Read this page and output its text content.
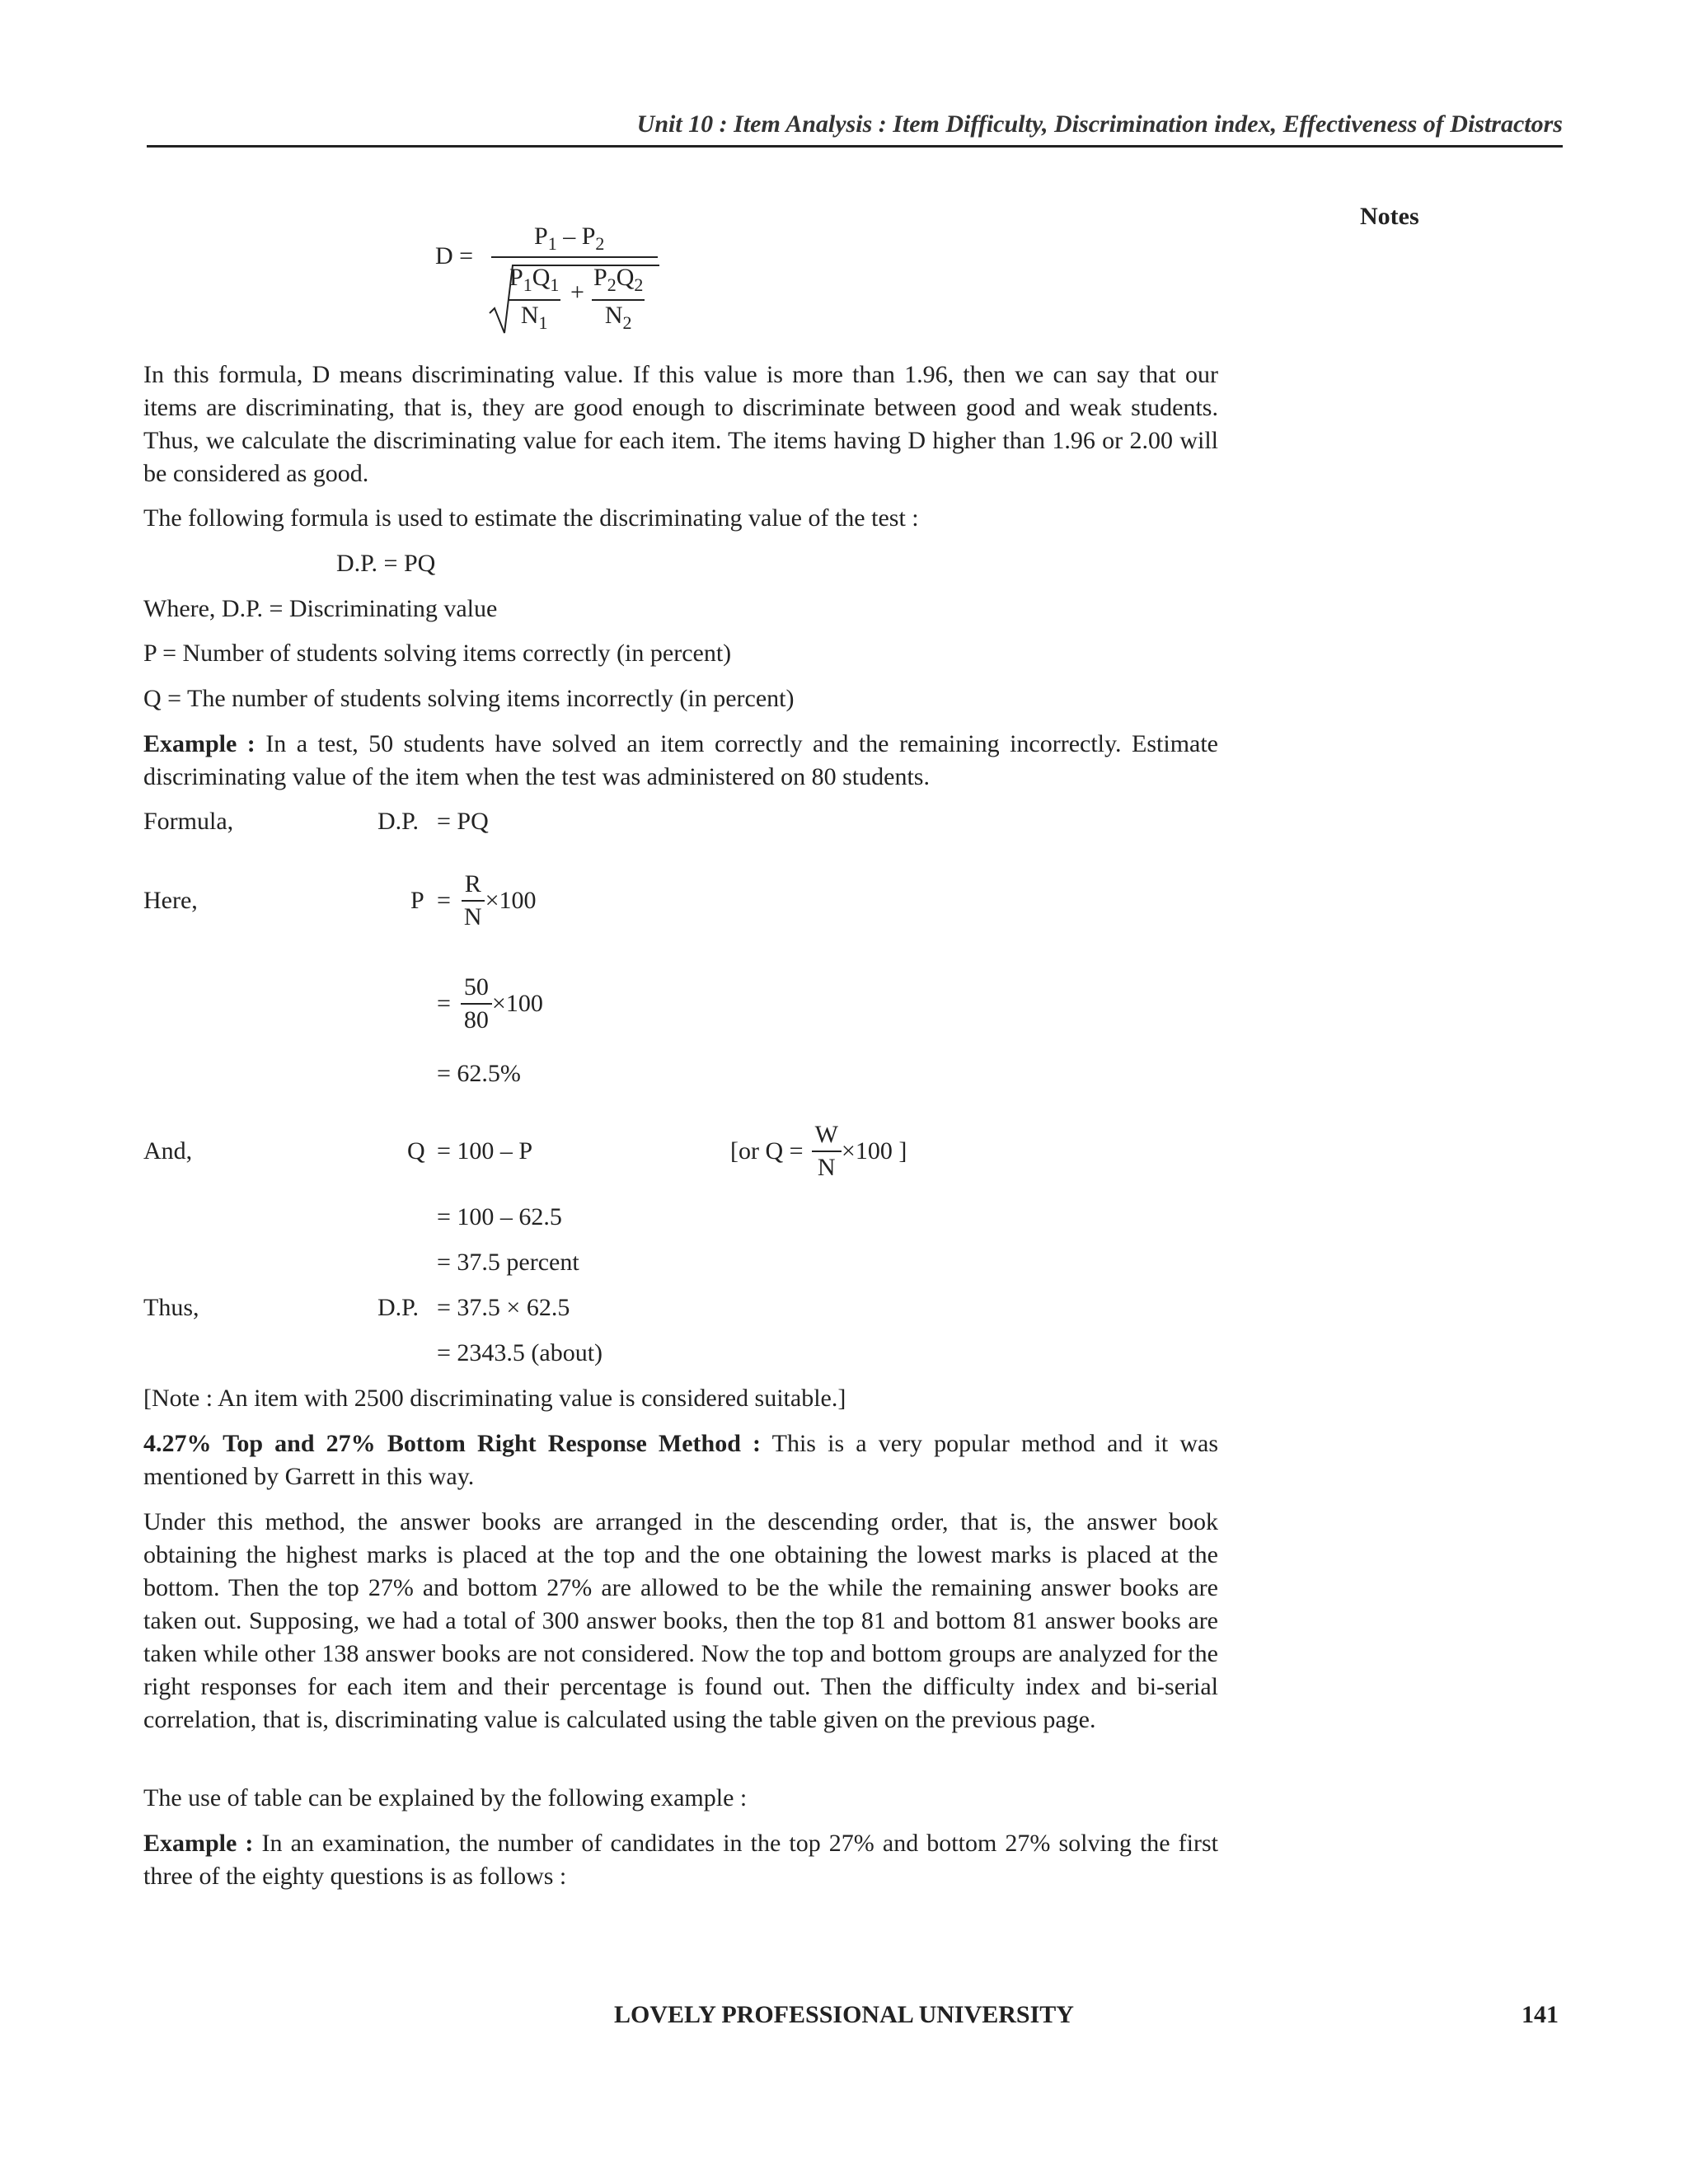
Unit 10 : Item Analysis : Item Difficulty, Discrimination index, Effectiveness of Distractors
Notes
D =
$P_1 - P_2$
$P_1Q_1$
$N_1$
+
$P_2Q_2$
$N_2$
In this formula, D means discriminating value. If this value is more than 1.96, then we can say that our items are discriminating, that is, they are good enough to discriminate between good and weak students. Thus, we calculate the discriminating value for each item. The items having D higher than 1.96 or 2.00 will be considered as good.
The following formula is used to estimate the discriminating value of the test :
D.P. = PQ
Where, D.P. = Discriminating value
P = Number of students solving items correctly (in percent)
Q = The number of students solving items incorrectly (in percent)
Example : In a test, 50 students have solved an item correctly and the remaining incorrectly. Estimate discriminating value of the item when the test was administered on 80 students.
Formula,	D.P. = PQ
Here,	$P = \frac{R}{N} \times 100$
= $\frac{50}{80} \times 100$
= 62.5%
And,	Q = 100 – P	[or $Q = \frac{W}{N} \times 100$ ]
= 100 – 62.5
= 37.5 percent
Thus,	D.P. = 37.5 × 62.5
= 2343.5 (about)
[Note : An item with 2500 discriminating value is considered suitable.]
4.27% Top and 27% Bottom Right Response Method : This is a very popular method and it was mentioned by Garrett in this way.
Under this method, the answer books are arranged in the descending order, that is, the answer book obtaining the highest marks is placed at the top and the one obtaining the lowest marks is placed at the bottom. Then the top 27% and bottom 27% are allowed to be the while the remaining answer books are taken out. Supposing, we had a total of 300 answer books, then the top 81 and bottom 81 answer books are taken while other 138 answer books are not considered. Now the top and bottom groups are analyzed for the right responses for each item and their percentage is found out. Then the difficulty index and bi-serial correlation, that is, discriminating value is calculated using the table given on the previous page.
The use of table can be explained by the following example :
Example : In an examination, the number of candidates in the top 27% and bottom 27% solving the first three of the eighty questions is as follows :
LOVELY PROFESSIONAL UNIVERSITY	141
